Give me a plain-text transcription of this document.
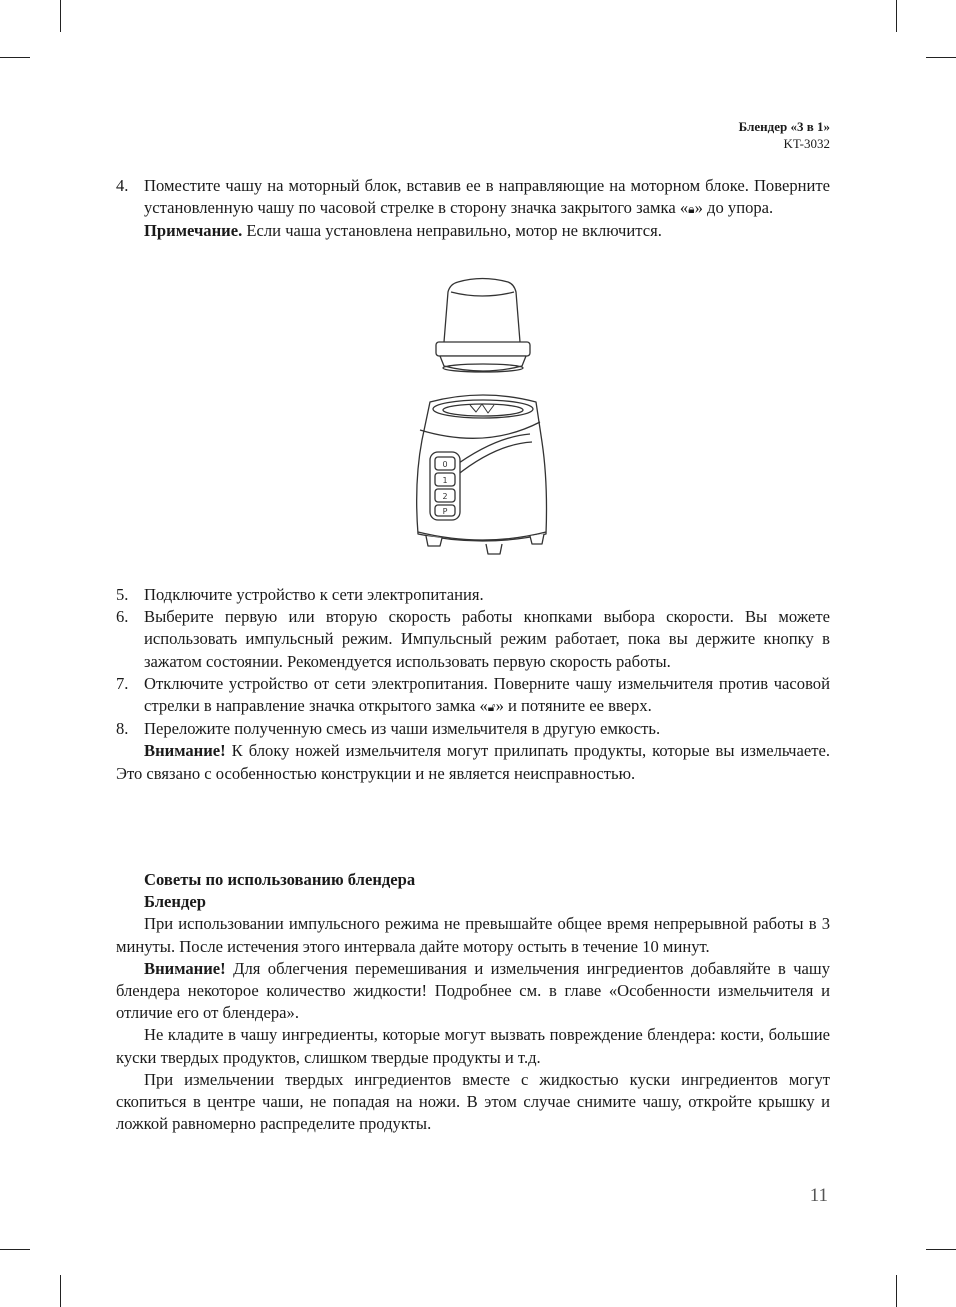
Блендер «3 в 1»
KT-3032

4. Поместите чашу на моторный блок, вставив ее в направляющие на моторном блоке. Поверните установленную чашу по часовой стрелке в сторону значка закрытого замка «🔒︎» до упора.

Примечание. Если чаша установлена неправильно, мотор не включится.

0
1
2
P

5. Подключите устройство к сети электропитания.

6. Выберите первую или вторую скорость работы кнопками выбора скорости. Вы можете использовать импульсный режим. Импульсный режим работает, пока вы держите кнопку в зажатом состоянии. Рекомендуется использовать первую скорость работы.

7. Отключите устройство от сети электропитания. Поверните чашу измельчителя против часовой стрелки в направление значка открытого замка «🔓︎» и потяните ее вверх.

8. Переложите полученную смесь из чаши измельчителя в другую емкость.

Внимание! К блоку ножей измельчителя могут прилипать продукты, которые вы измельчаете. Это связано с особенностью конструкции и не является неисправностью.

Советы по использованию блендера

Блендер

При использовании импульсного режима не превышайте общее время непрерывной работы в 3 минуты. После истечения этого интервала дайте мотору остыть в течение 10 минут.

Внимание! Для облегчения перемешивания и измельчения ингредиентов добавляйте в чашу блендера некоторое количество жидкости! Подробнее см. в главе «Особенности измельчителя и отличие его от блендера».

Не кладите в чашу ингредиенты, которые могут вызвать повреждение блендера: кости, большие куски твердых продуктов, слишком твердые продукты и т.д.

При измельчении твердых ингредиентов вместе с жидкостью куски ингредиентов могут скопиться в центре чаши, не попадая на ножи. В этом случае снимите чашу, откройте крышку и ложкой равномерно распределите продукты.

11
